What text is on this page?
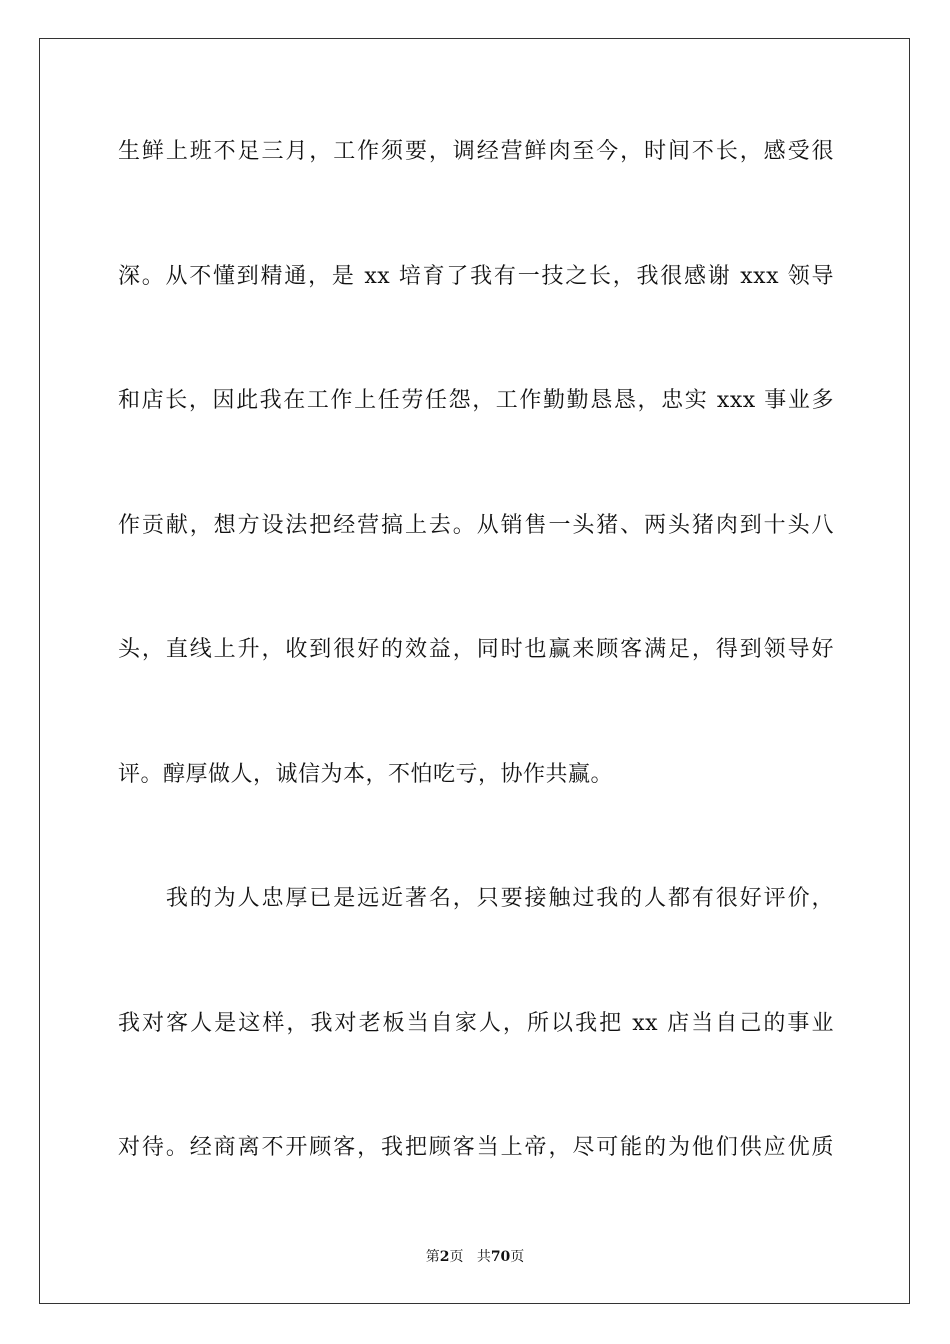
生鲜上班不足三月，工作须要，调经营鲜肉至今，时间不长，感受很
深。从不懂到精通，是 xx 培育了我有一技之长，我很感谢 xxx 领导
和店长，因此我在工作上任劳任怨，工作勤勤恳恳，忠实 xxx 事业多
作贡献，想方设法把经营搞上去。从销售一头猪、两头猪肉到十头八
头，直线上升，收到很好的效益，同时也赢来顾客满足，得到领导好
评。醇厚做人，诚信为本，不怕吃亏，协作共赢。
　　我的为人忠厚已是远近著名，只要接触过我的人都有很好评价，
我对客人是这样，我对老板当自家人，所以我把 xx 店当自己的事业
对待。经商离不开顾客，我把顾客当上帝，尽可能的为他们供应优质
第2页 共70页
